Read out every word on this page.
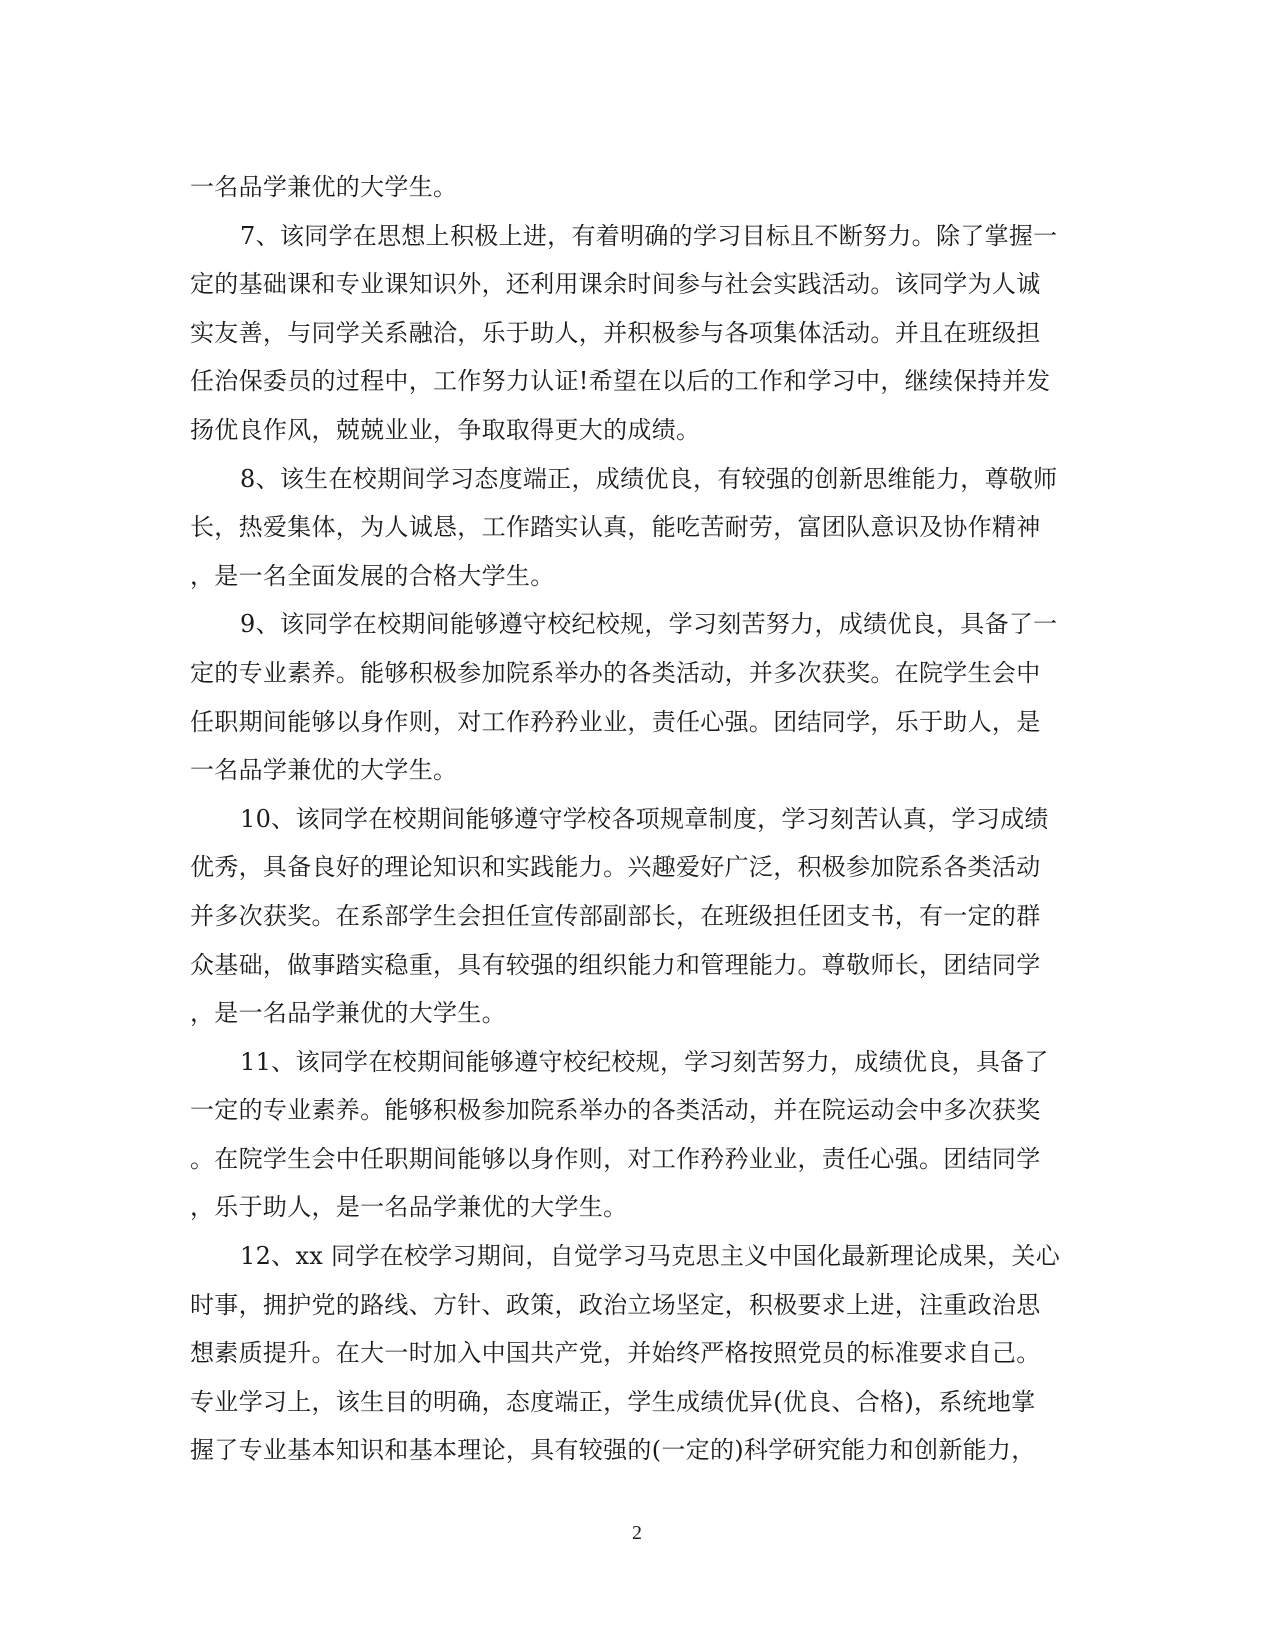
一名品学兼优的大学生。
7、该同学在思想上积极上进，有着明确的学习目标且不断努力。除了掌握一
定的基础课和专业课知识外，还利用课余时间参与社会实践活动。该同学为人诚
实友善，与同学关系融洽，乐于助人，并积极参与各项集体活动。并且在班级担
任治保委员的过程中，工作努力认证!希望在以后的工作和学习中，继续保持并发
扬优良作风，兢兢业业，争取取得更大的成绩。
8、该生在校期间学习态度端正，成绩优良，有较强的创新思维能力，尊敬师
长，热爱集体，为人诚恳，工作踏实认真，能吃苦耐劳，富团队意识及协作精神
，是一名全面发展的合格大学生。
9、该同学在校期间能够遵守校纪校规，学习刻苦努力，成绩优良，具备了一
定的专业素养。能够积极参加院系举办的各类活动，并多次获奖。在院学生会中
任职期间能够以身作则，对工作矜矜业业，责任心强。团结同学，乐于助人，是
一名品学兼优的大学生。
10、该同学在校期间能够遵守学校各项规章制度，学习刻苦认真，学习成绩
优秀，具备良好的理论知识和实践能力。兴趣爱好广泛，积极参加院系各类活动
并多次获奖。在系部学生会担任宣传部副部长，在班级担任团支书，有一定的群
众基础，做事踏实稳重，具有较强的组织能力和管理能力。尊敬师长，团结同学
，是一名品学兼优的大学生。
11、该同学在校期间能够遵守校纪校规，学习刻苦努力，成绩优良，具备了
一定的专业素养。能够积极参加院系举办的各类活动，并在院运动会中多次获奖
。在院学生会中任职期间能够以身作则，对工作矜矜业业，责任心强。团结同学
，乐于助人，是一名品学兼优的大学生。
12、xx 同学在校学习期间，自觉学习马克思主义中国化最新理论成果，关心
时事，拥护党的路线、方针、政策，政治立场坚定，积极要求上进，注重政治思
想素质提升。在大一时加入中国共产党，并始终严格按照党员的标准要求自己。
专业学习上，该生目的明确，态度端正，学生成绩优异(优良、合格)，系统地掌
握了专业基本知识和基本理论，具有较强的(一定的)科学研究能力和创新能力，
2
